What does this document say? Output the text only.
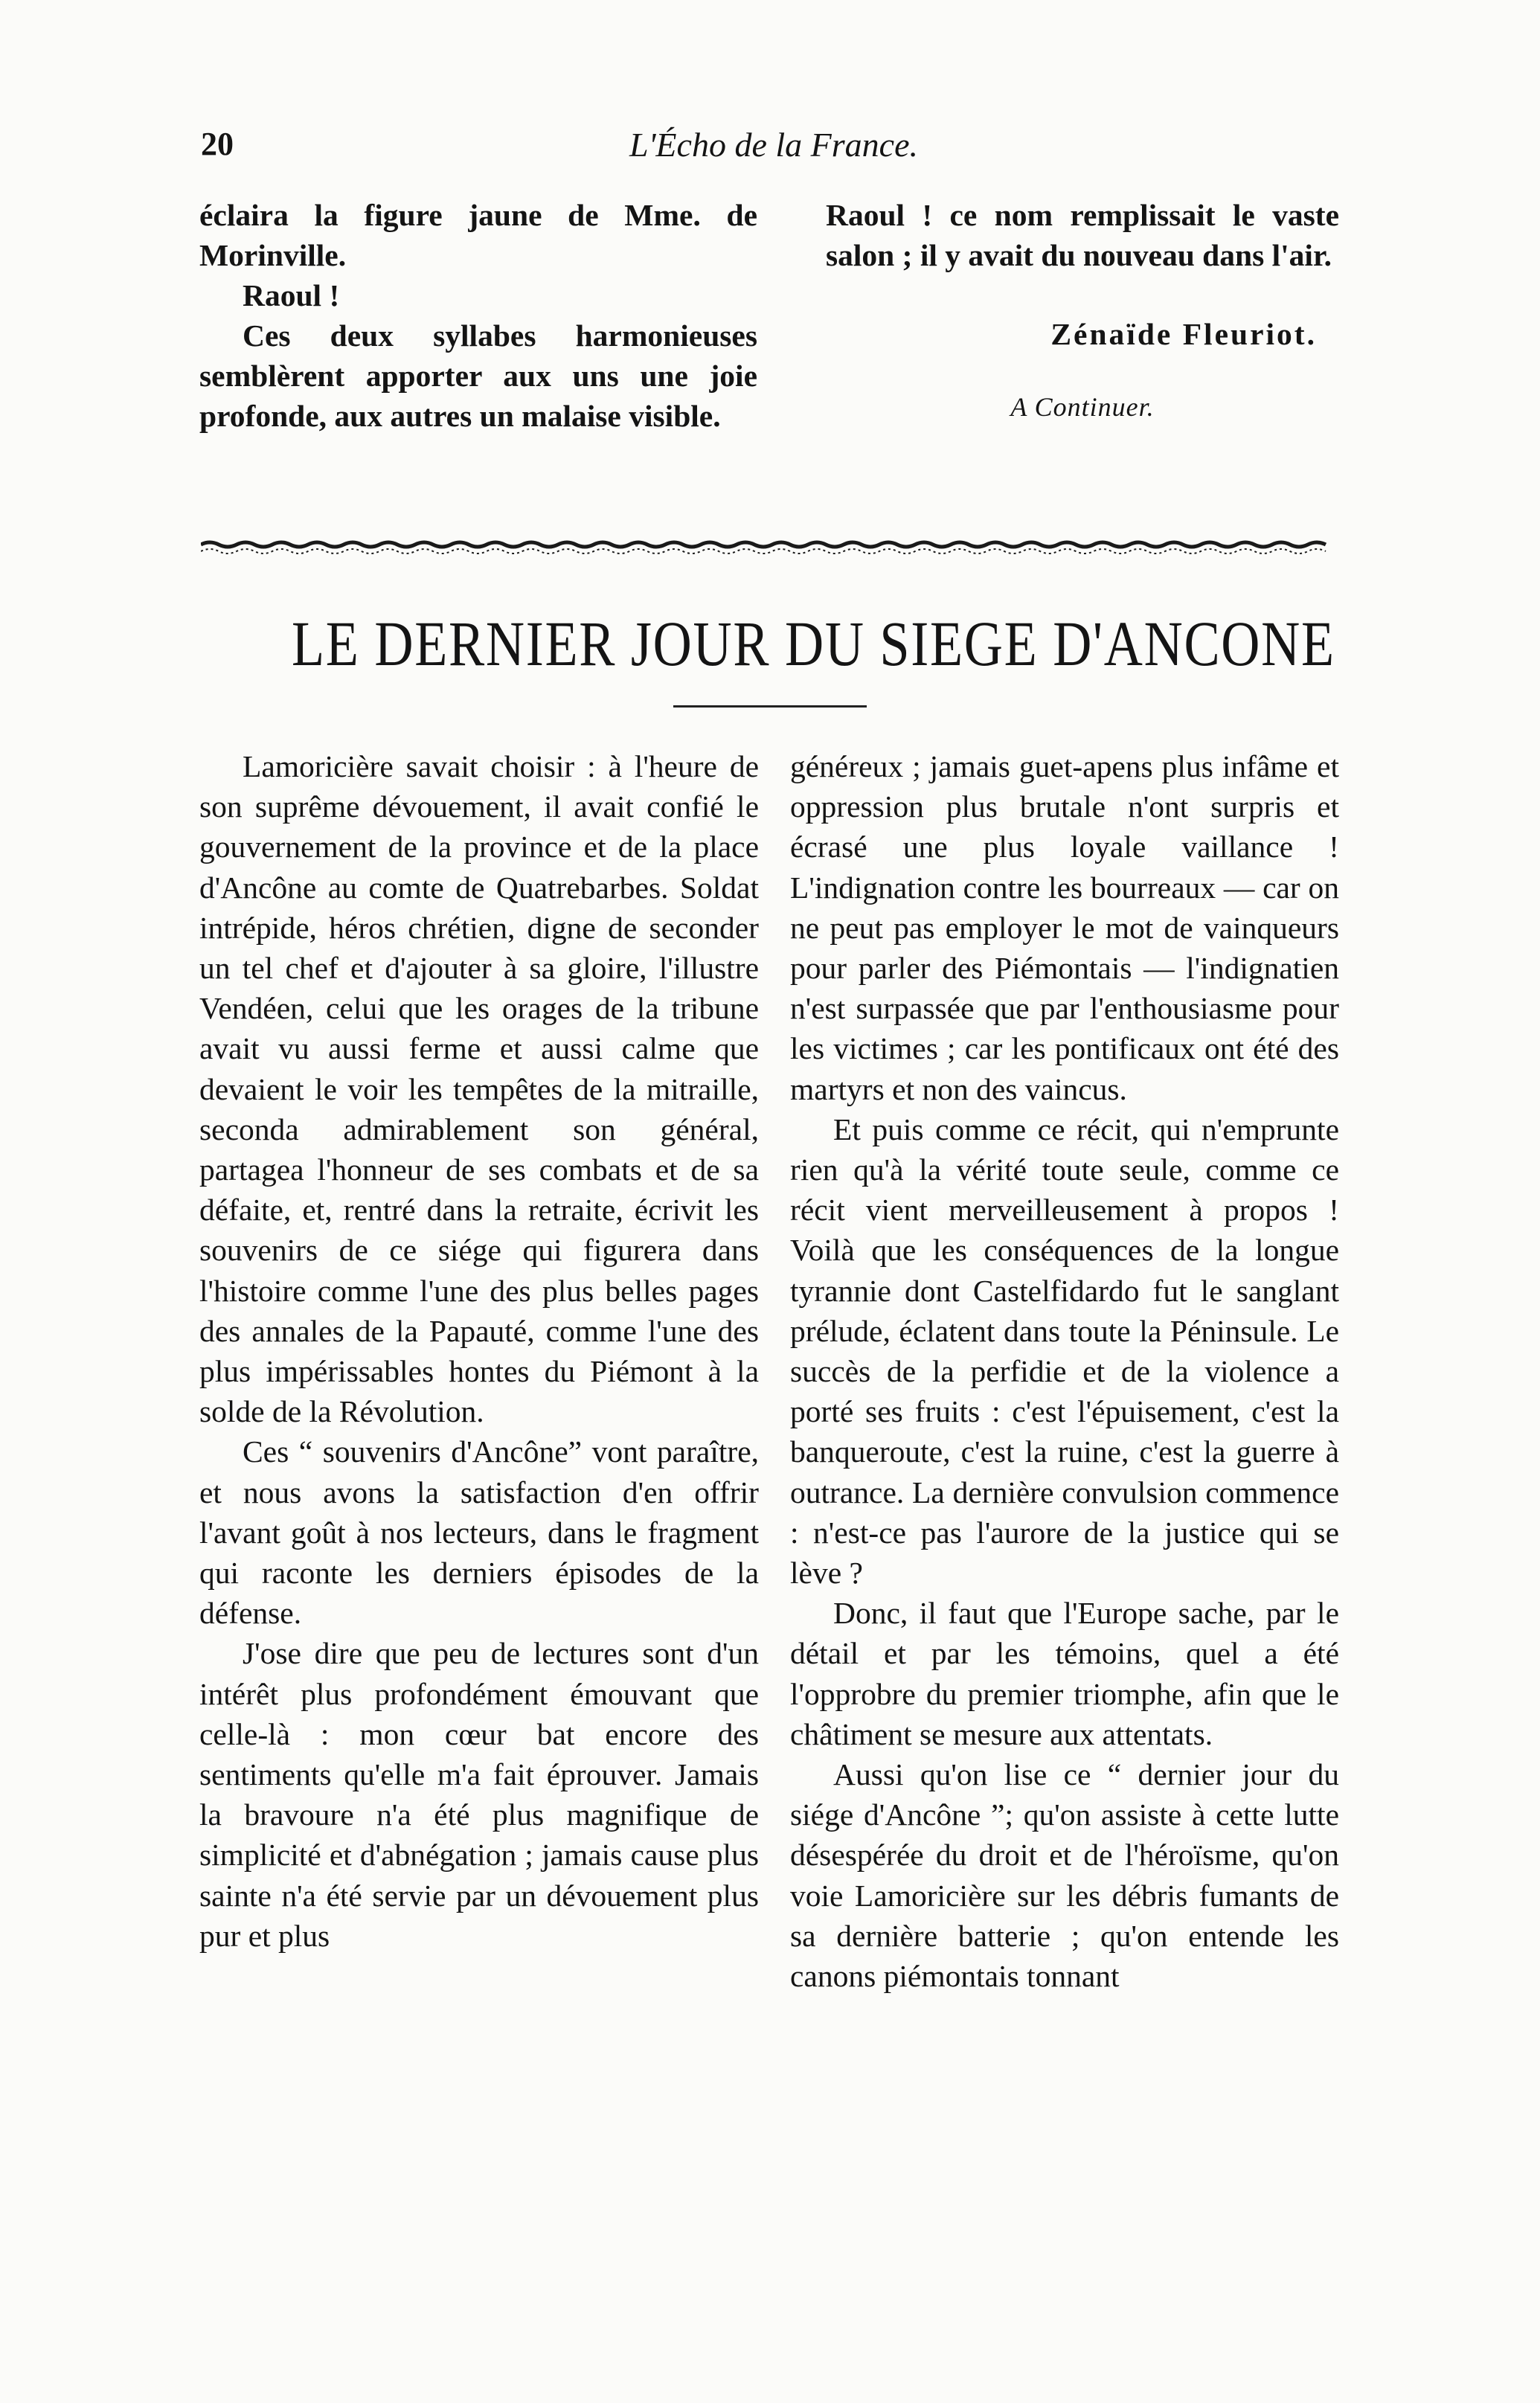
20	L'Écho de la France.

éclaira la figure jaune de Mme. de Morinville.

Raoul !

Ces deux syllabes harmonieuses semblèrent apporter aux uns une joie profonde, aux autres un malaise visible.

Raoul ! ce nom remplissait le vaste salon ; il y avait du nouveau dans l'air.

Zénaïde Fleuriot.

A Continuer.

LE DERNIER JOUR DU SIEGE D'ANCONE

Lamoricière savait choisir : à l'heure de son suprême dévouement, il avait confié le gouvernement de la province et de la place d'Ancône au comte de Quatrebarbes. Soldat intrépide, héros chrétien, digne de seconder un tel chef et d'ajouter à sa gloire, l'illustre Vendéen, celui que les orages de la tribune avait vu aussi ferme et aussi calme que devaient le voir les tempêtes de la mitraille, seconda admirablement son général, partagea l'honneur de ses combats et de sa défaite, et, rentré dans la retraite, écrivit les souvenirs de ce siége qui figurera dans l'histoire comme l'une des plus belles pages des annales de la Papauté, comme l'une des plus impérissables hontes du Piémont à la solde de la Révolution.

Ces “ souvenirs d'Ancône” vont paraître, et nous avons la satisfaction d'en offrir l'avant goût à nos lecteurs, dans le fragment qui raconte les derniers épisodes de la défense.

J'ose dire que peu de lectures sont d'un intérêt plus profondément émouvant que celle-là : mon cœur bat encore des sentiments qu'elle m'a fait éprouver. Jamais la bravoure n'a été plus magnifique de simplicité et d'abnégation ; jamais cause plus sainte n'a été servie par un dévouement plus pur et plus

généreux ; jamais guet-apens plus infâme et oppression plus brutale n'ont surpris et écrasé une plus loyale vaillance ! L'indignation contre les bourreaux — car on ne peut pas employer le mot de vainqueurs pour parler des Piémontais — l'indignatien n'est surpassée que par l'enthousiasme pour les victimes ; car les pontificaux ont été des martyrs et non des vaincus.

Et puis comme ce récit, qui n'emprunte rien qu'à la vérité toute seule, comme ce récit vient merveilleusement à propos ! Voilà que les conséquences de la longue tyrannie dont Castelfidardo fut le sanglant prélude, éclatent dans toute la Péninsule. Le succès de la perfidie et de la violence a porté ses fruits : c'est l'épuisement, c'est la banqueroute, c'est la ruine, c'est la guerre à outrance. La dernière convulsion commence : n'est-ce pas l'aurore de la justice qui se lève ?

Donc, il faut que l'Europe sache, par le détail et par les témoins, quel a été l'opprobre du premier triomphe, afin que le châtiment se mesure aux attentats.

Aussi qu'on lise ce “ dernier jour du siége d'Ancône ”; qu'on assiste à cette lutte désespérée du droit et de l'héroïsme, qu'on voie Lamoricière sur les débris fumants de sa dernière batterie ; qu'on entende les canons piémontais tonnant
